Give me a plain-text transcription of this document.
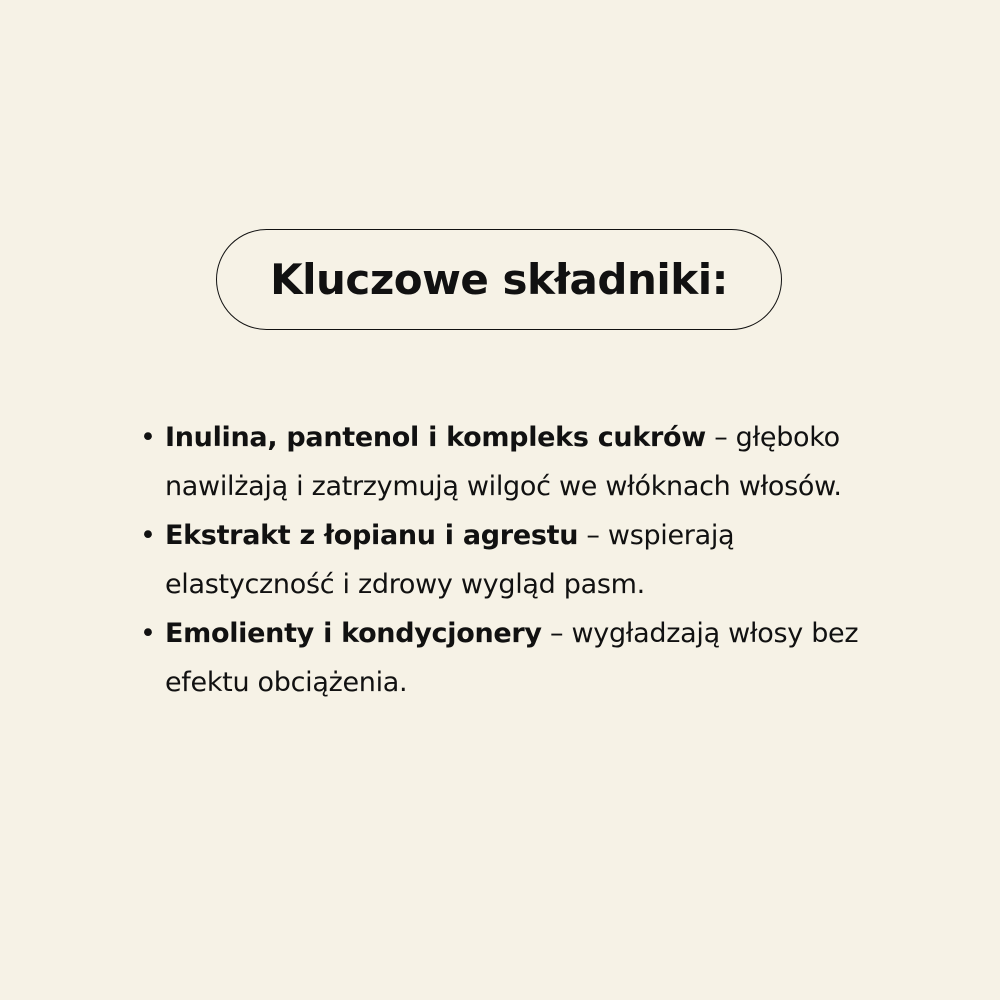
Kluczowe składniki:
• Inulina, pantenol i kompleks cukrów – głęboko nawilżają i zatrzymują wilgoć we włóknach włosów.
• Ekstrakt z łopianu i agrestu – wspierają elastyczność i zdrowy wygląd pasm.
• Emolienty i kondycjonery – wygładzają włosy bez efektu obciążenia.
